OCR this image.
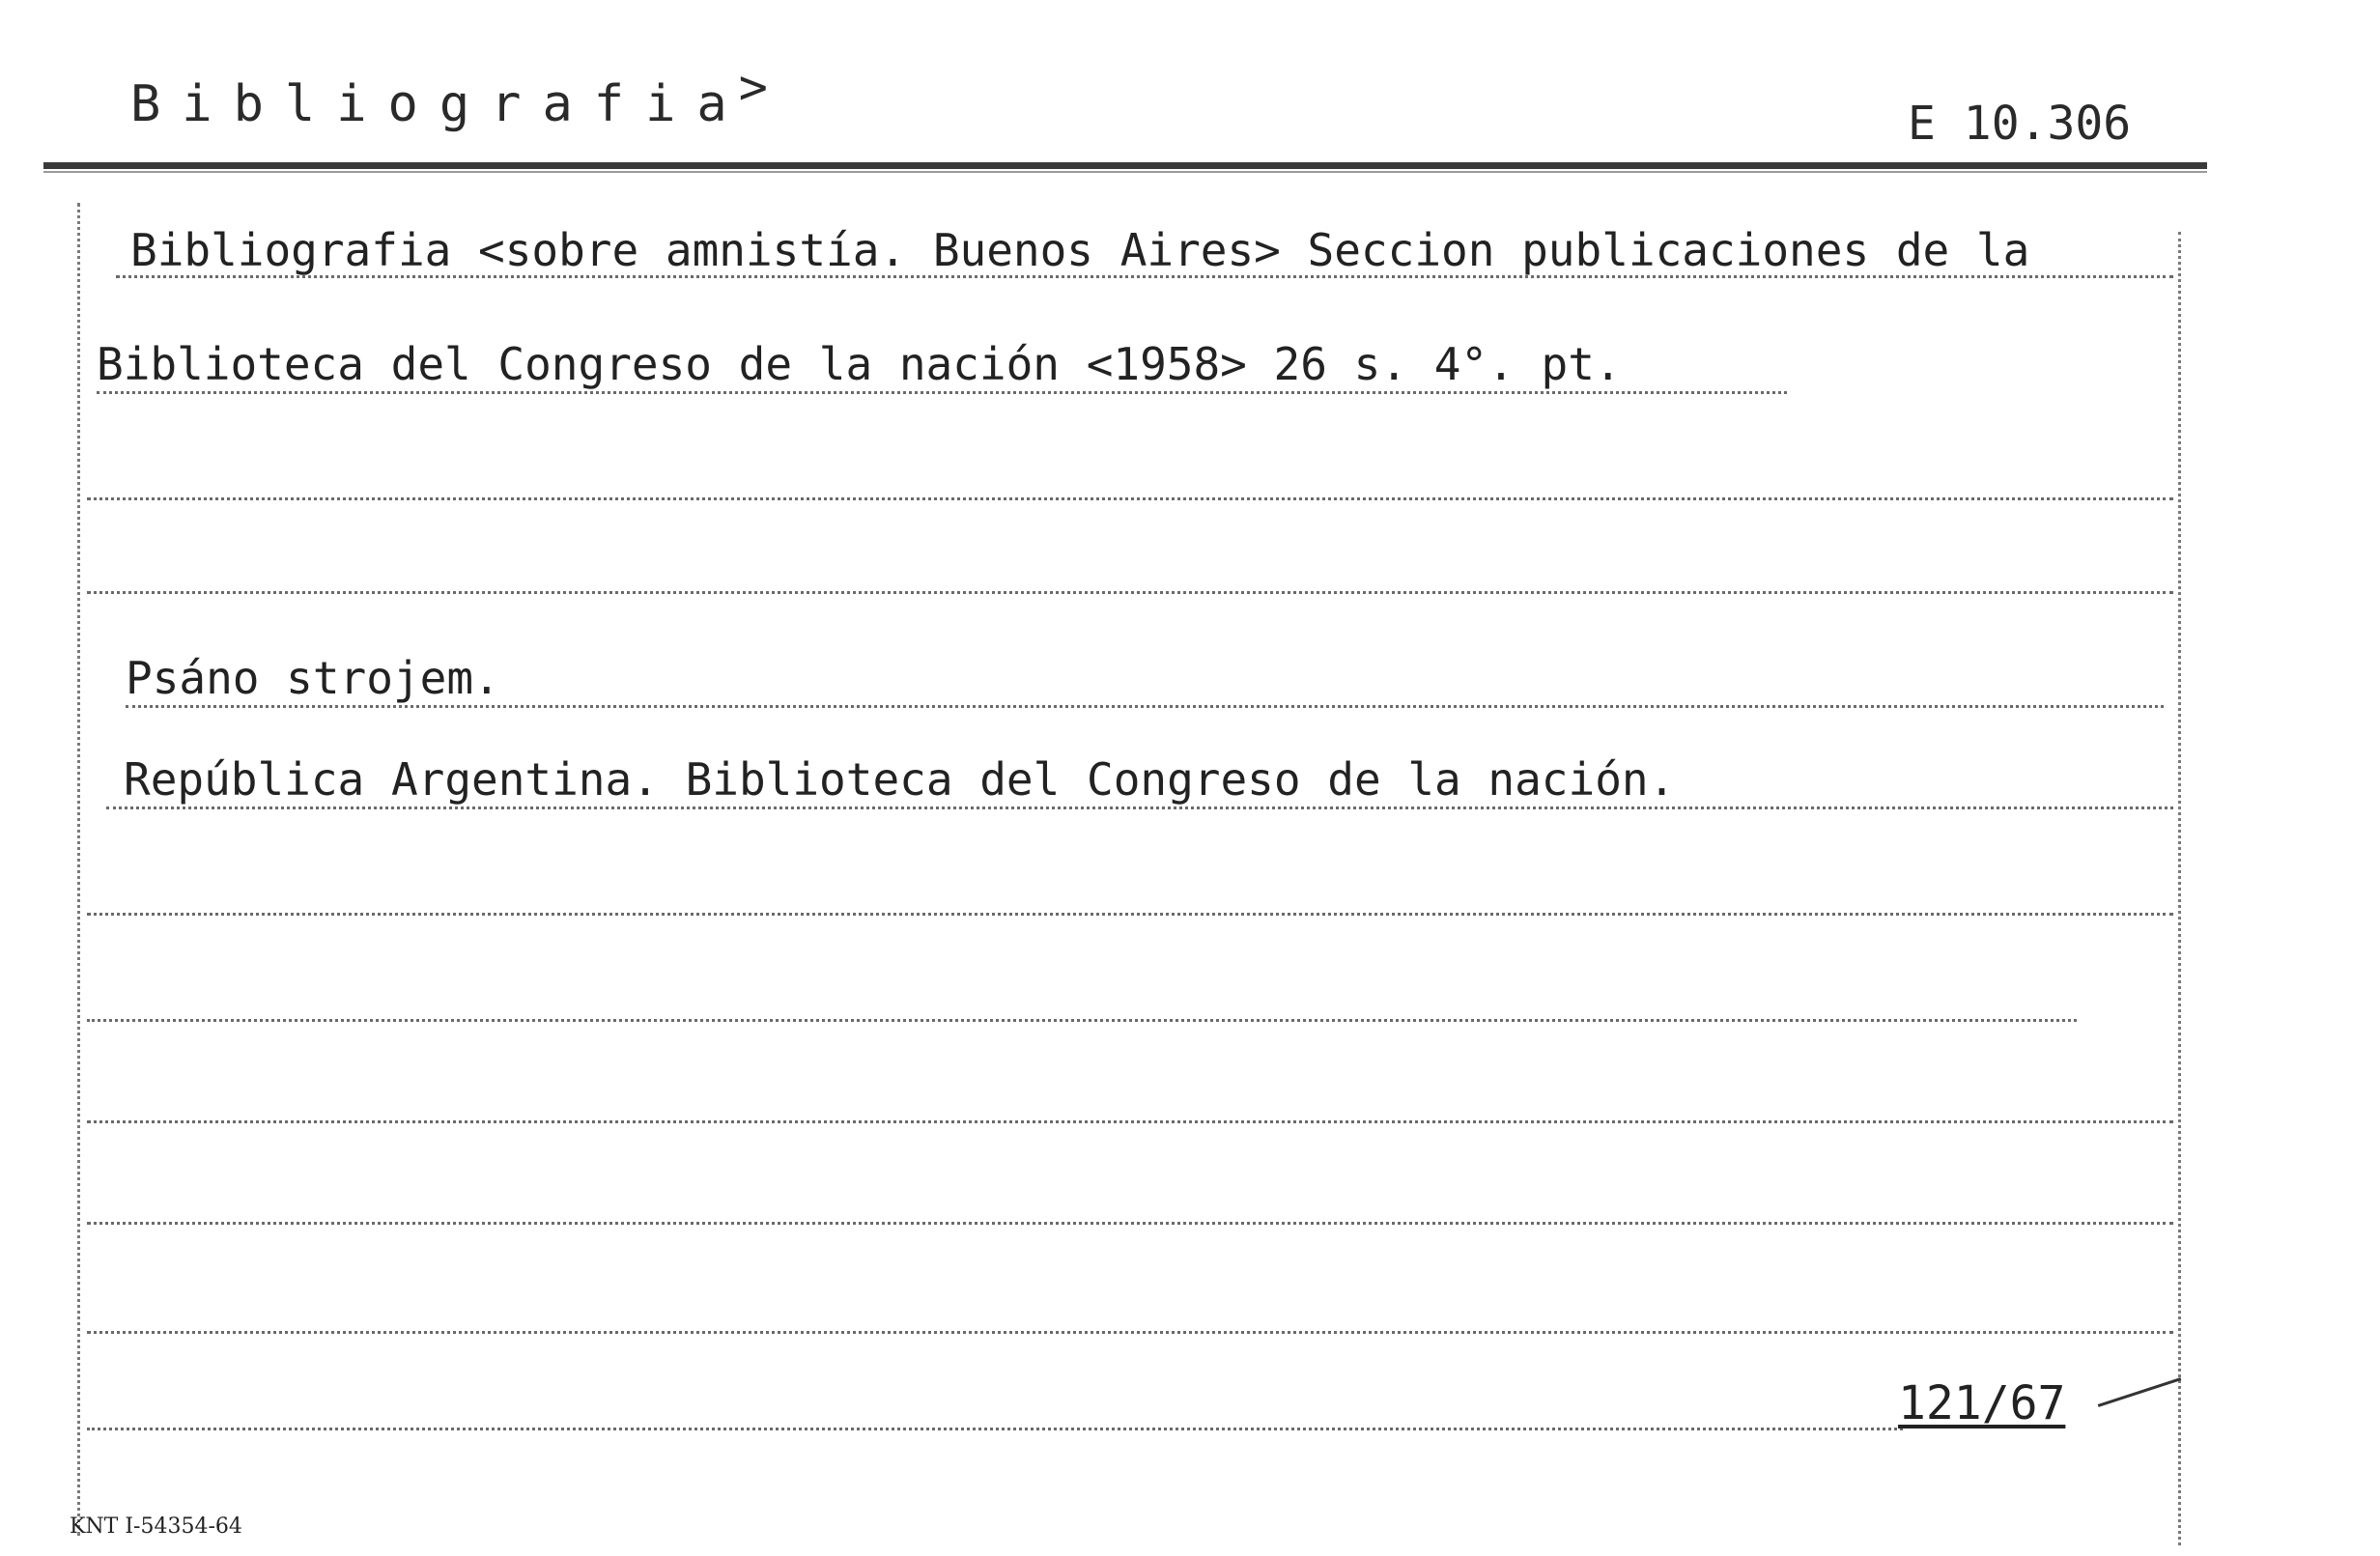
Bibliografia>
E 10.306
Bibliografia <sobre amnistía. Buenos Aires> Seccion publicaciones de la
Biblioteca del Congreso de la nación <1958> 26 s. 4°. pt.
Psáno strojem.
República Argentina. Biblioteca del Congreso de la nación.
121/67
KNT I-54354-64
